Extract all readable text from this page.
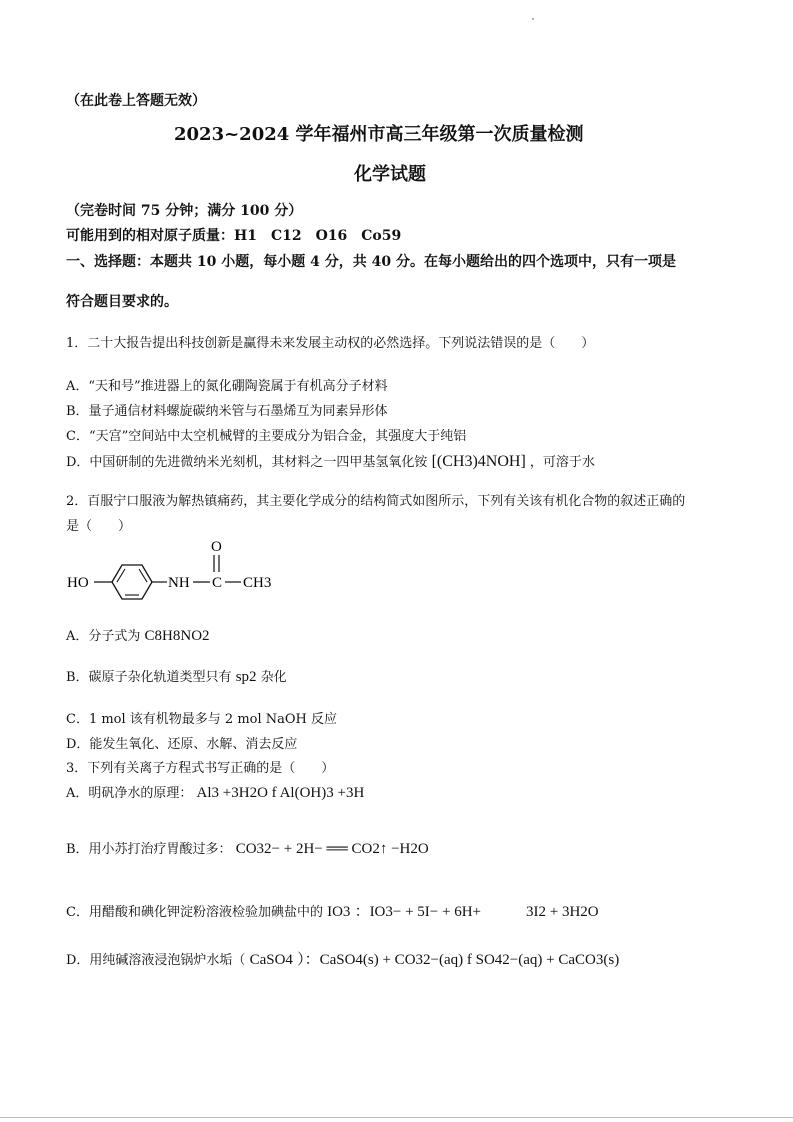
（在此卷上答题无效）
2023~2024 学年福州市高三年级第一次质量检测
化学试题
（完卷时间 75 分钟；满分 100 分）
可能用到的相对原子质量：H1　C12　O16　Co59
一、选择题：本题共 10 小题，每小题 4 分，共 40 分。在每小题给出的四个选项中，只有一项是
符合题目要求的。
1．二十大报告提出科技创新是赢得未来发展主动权的必然选择。下列说法错误的是（　　）
A．“天和号”推进器上的氮化硼陶瓷属于有机高分子材料
B．量子通信材料螺旋碳纳米管与石墨烯互为同素异形体
C．“天宫”空间站中太空机械臂的主要成分为铝合金，其强度大于纯铝
D．中国研制的先进微纳米光刻机，其材料之一四甲基氢氧化铵 [(CH3)4NOH] ，可溶于水
2．百服宁口服液为解热镇痛药，其主要化学成分的结构简式如图所示，下列有关该有机化合物的叙述正确的
是（　　）
HO	NH C
O
CH3
A．分子式为 C8H8NO2
B．碳原子杂化轨道类型只有 sp2 杂化
C．1 mol 该有机物最多与 2 mol NaOH 反应
D．能发生氧化、还原、水解、消去反应
3．下列有关离子方程式书写正确的是（　　）
A．明矾净水的原理： Al3 +3H2O f Al(OH)3 +3H
B．用小苏打治疗胃酸过多： CO32− + 2H− ══ CO2↑ −H2O
C．用醋酸和碘化钾淀粉溶液检验加碘盐中的 IO3 ：IO3− + 5I− + 6H+　　　3I2 + 3H2O
D．用纯碱溶液浸泡锅炉水垢（ CaSO4 ）：CaSO4(s) + CO32−(aq) f SO42−(aq) + CaCO3(s)
